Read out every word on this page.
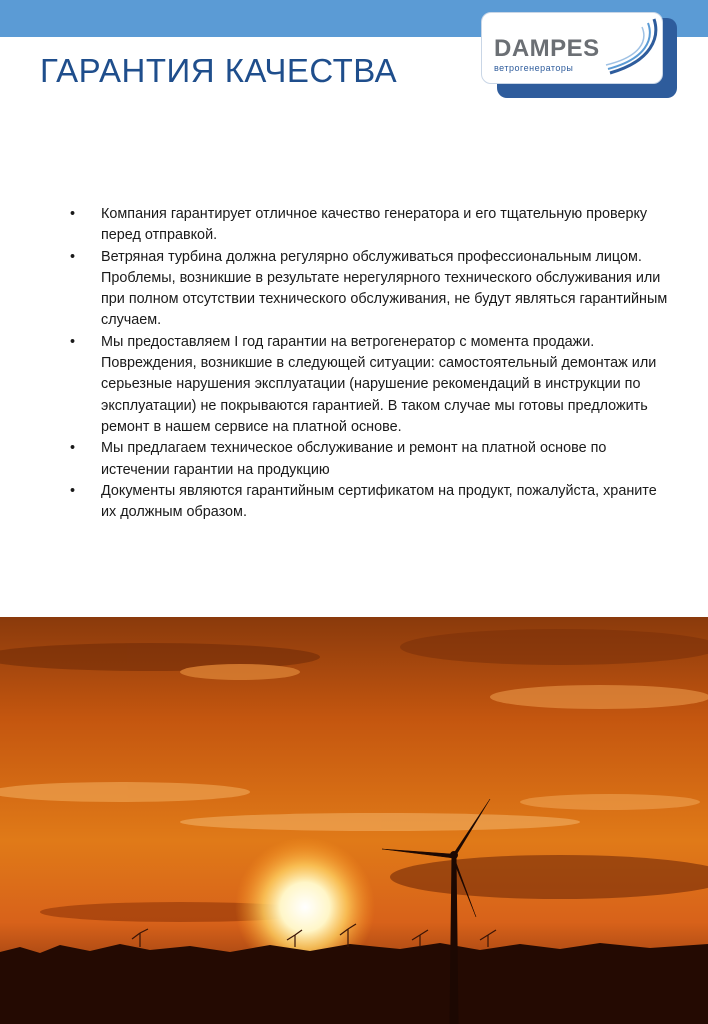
DAMPES
ветрогенераторы
ГАРАНТИЯ КАЧЕСТВА
• Компания гарантирует отличное качество генератора и его тщательную проверку перед отправкой.
• Ветряная турбина должна регулярно обслуживаться профессиональным лицом. Проблемы, возникшие в результате нерегулярного технического обслуживания или при полном отсутствии технического обслуживания, не будут являться гарантийным случаем.
• Мы предоставляем I год гарантии на ветрогенератор с момента продажи. Повреждения, возникшие в следующей ситуации: самостоятельный демонтаж или серьезные нарушения эксплуатации (нарушение рекомендаций в инструкции по эксплуатации) не покрываются гарантией. В таком случае мы готовы предложить ремонт в нашем сервисе на платной основе.
• Мы предлагаем техническое обслуживание и ремонт на платной основе по истечении гарантии на продукцию
• Документы являются гарантийным сертификатом на продукт, пожалуйста, храните их должным образом.
